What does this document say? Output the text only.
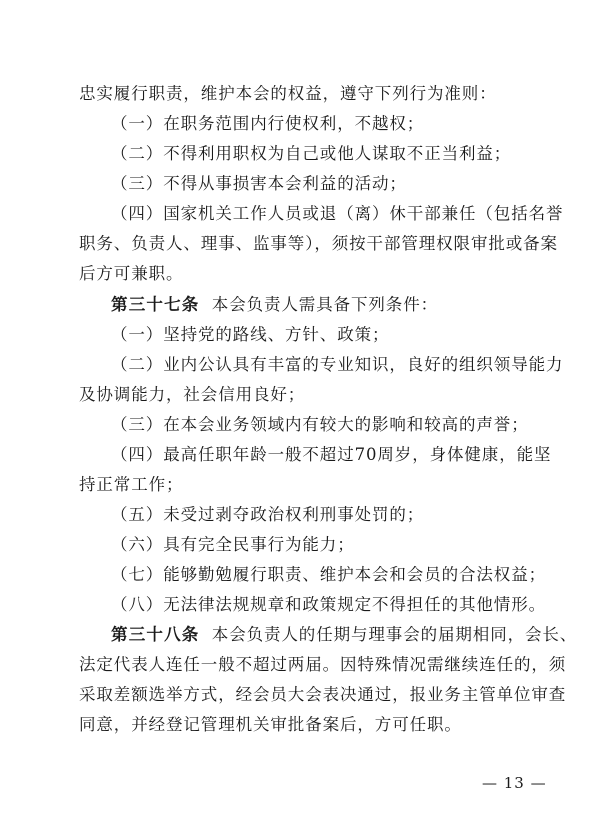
忠实履行职责，维护本会的权益，遵守下列行为准则：
（一）在职务范围内行使权利，不越权；
（二）不得利用职权为自己或他人谋取不正当利益；
（三）不得从事损害本会利益的活动；
（四）国家机关工作人员或退（离）休干部兼任（包括名誉
职务、负责人、理事、监事等），须按干部管理权限审批或备案
后方可兼职。
第三十七条 本会负责人需具备下列条件：
（一）坚持党的路线、方针、政策；
（二）业内公认具有丰富的专业知识，良好的组织领导能力
及协调能力，社会信用良好；
（三）在本会业务领域内有较大的影响和较高的声誉；
（四）最高任职年龄一般不超过70周岁，身体健康，能坚
持正常工作；
（五）未受过剥夺政治权利刑事处罚的；
（六）具有完全民事行为能力；
（七）能够勤勉履行职责、维护本会和会员的合法权益；
（八）无法律法规规章和政策规定不得担任的其他情形。
第三十八条 本会负责人的任期与理事会的届期相同，会长、
法定代表人连任一般不超过两届。因特殊情况需继续连任的，须
采取差额选举方式，经会员大会表决通过，报业务主管单位审查
同意，并经登记管理机关审批备案后，方可任职。
— 13 —
